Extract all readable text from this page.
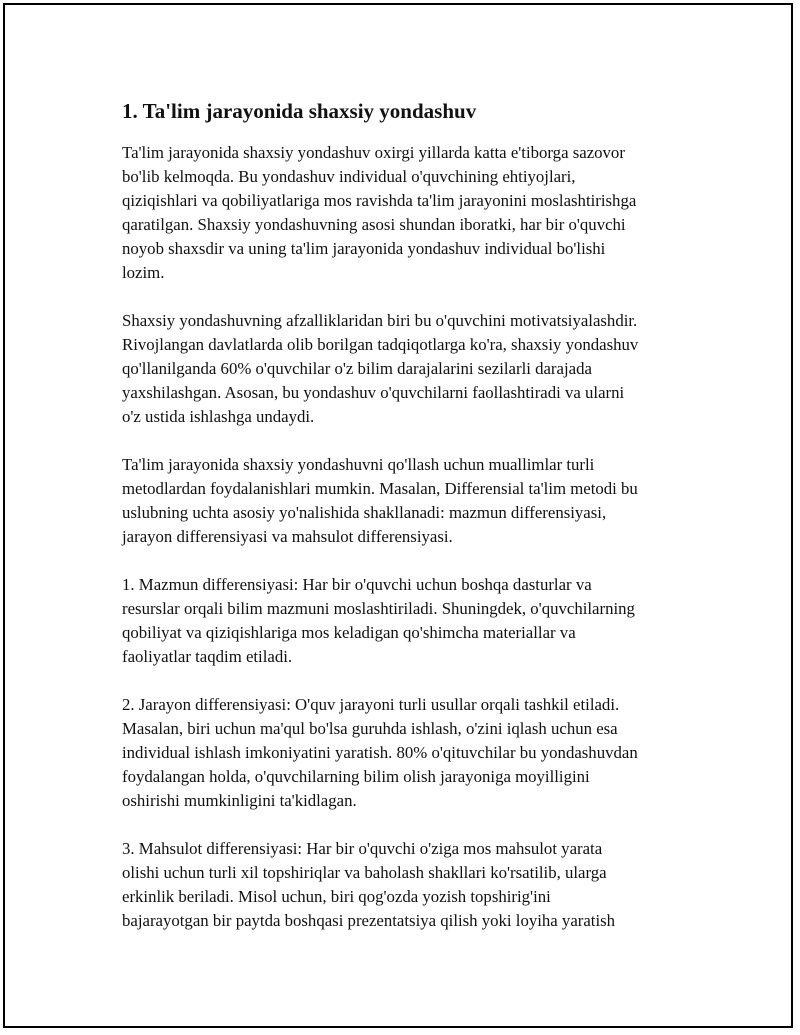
1. Ta'lim jarayonida shaxsiy yondashuv

Ta'lim jarayonida shaxsiy yondashuv oxirgi yillarda katta e'tiborga sazovor
bo'lib kelmoqda. Bu yondashuv individual o'quvchining ehtiyojlari,
qiziqishlari va qobiliyatlariga mos ravishda ta'lim jarayonini moslashtirishga
qaratilgan. Shaxsiy yondashuvning asosi shundan iboratki, har bir o'quvchi
noyob shaxsdir va uning ta'lim jarayonida yondashuv individual bo'lishi
lozim.

Shaxsiy yondashuvning afzalliklaridan biri bu o'quvchini motivatsiyalashdir.
Rivojlangan davlatlarda olib borilgan tadqiqotlarga ko'ra, shaxsiy yondashuv
qo'llanilganda 60% o'quvchilar o'z bilim darajalarini sezilarli darajada
yaxshilashgan. Asosan, bu yondashuv o'quvchilarni faollashtiradi va ularni
o'z ustida ishlashga undaydi.

Ta'lim jarayonida shaxsiy yondashuvni qo'llash uchun muallimlar turli
metodlardan foydalanishlari mumkin. Masalan, Differensial ta'lim metodi bu
uslubning uchta asosiy yo'nalishida shakllanadi: mazmun differensiyasi,
jarayon differensiyasi va mahsulot differensiyasi.

1. Mazmun differensiyasi: Har bir o'quvchi uchun boshqa dasturlar va
resurslar orqali bilim mazmuni moslashtiriladi. Shuningdek, o'quvchilarning
qobiliyat va qiziqishlariga mos keladigan qo'shimcha materiallar va
faoliyatlar taqdim etiladi.

2. Jarayon differensiyasi: O'quv jarayoni turli usullar orqali tashkil etiladi.
Masalan, biri uchun ma'qul bo'lsa guruhda ishlash, o'zini iqlash uchun esa
individual ishlash imkoniyatini yaratish. 80% o'qituvchilar bu yondashuvdan
foydalangan holda, o'quvchilarning bilim olish jarayoniga moyilligini
oshirishi mumkinligini ta'kidlagan.

3. Mahsulot differensiyasi: Har bir o'quvchi o'ziga mos mahsulot yarata
olishi uchun turli xil topshiriqlar va baholash shakllari ko'rsatilib, ularga
erkinlik beriladi. Misol uchun, biri qog'ozda yozish topshirig'ini
bajarayotgan bir paytda boshqasi prezentatsiya qilish yoki loyiha yaratish
